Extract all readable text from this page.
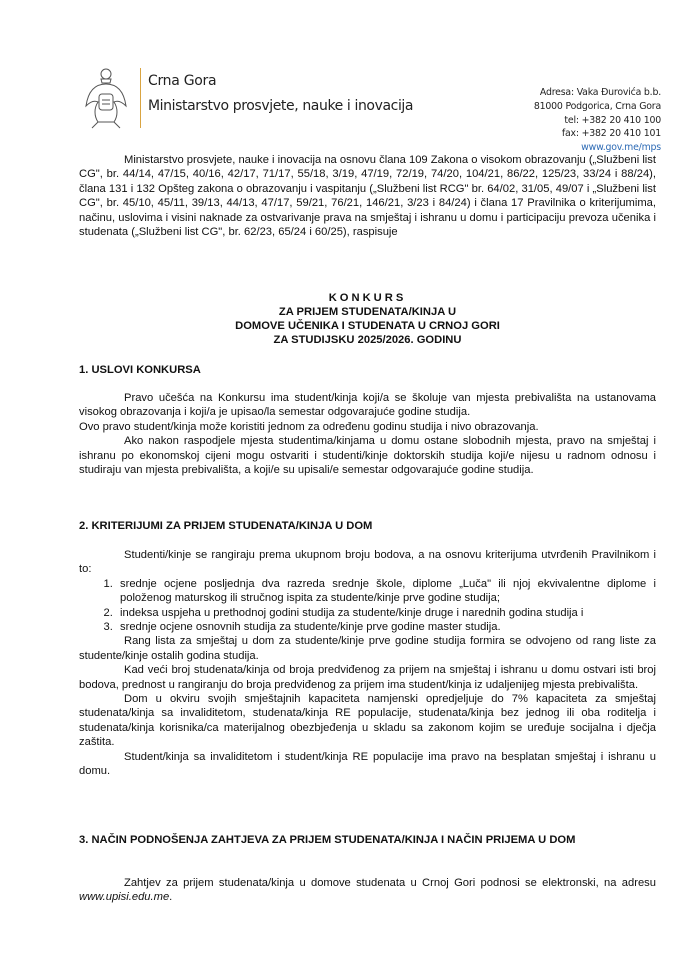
Crna Gora
Ministarstvo prosvjete, nauke i inovacija
Adresa: Vaka Đurovića b.b.
81000 Podgorica, Crna Gora
tel: +382 20 410 100
fax: +382 20 410 101
www.gov.me/mps
Ministarstvo prosvjete, nauke i inovacija na osnovu člana 109 Zakona o visokom obrazovanju („Službeni list CG", br. 44/14, 47/15, 40/16, 42/17, 71/17, 55/18, 3/19, 47/19, 72/19, 74/20, 104/21, 86/22, 125/23, 33/24 i 88/24), člana 131 i 132 Opšteg zakona o obrazovanju i vaspitanju („Službeni list RCG" br. 64/02, 31/05, 49/07 i „Službeni list CG", br. 45/10, 45/11, 39/13, 44/13, 47/17, 59/21, 76/21, 146/21, 3/23 i 84/24) i člana 17 Pravilnika o kriterijumima, načinu, uslovima i visini naknade za ostvarivanje prava na smještaj i ishranu u domu i participaciju prevoza učenika i studenata („Službeni list CG", br. 62/23, 65/24 i 60/25), raspisuje
KONKURS
ZA PRIJEM STUDENATA/KINJA U
DOMOVE UČENIKA I STUDENATA U CRNOJ GORI
ZA STUDIJSKU 2025/2026. GODINU
1. USLOVI KONKURSA

Pravo učešća na Konkursu ima student/kinja koji/a se školuje van mjesta prebivališta na ustanovama visokog obrazovanja i koji/a je upisao/la semestar odgovarajuće godine studija.

Ovo pravo student/kinja može koristiti jednom za određenu godinu studija i nivo obrazovanja.

Ako nakon raspodjele mjesta studentima/kinjama u domu ostane slobodnih mjesta, pravo na smještaj i ishranu po ekonomskoj cijeni mogu ostvariti i studenti/kinje doktorskih studija koji/e nijesu u radnom odnosu i studiraju van mjesta prebivališta, a koji/e su upisali/e semestar odgovarajuće godine studija.

2. KRITERIJUMI ZA PRIJEM STUDENATA/KINJA U DOM

Studenti/kinje se rangiraju prema ukupnom broju bodova, a na osnovu kriterijuma utvrđenih Pravilnikom i to:

1. srednje ocjene posljednja dva razreda srednje škole, diplome „Luča" ili njoj ekvivalentne diplome i položenog maturskog ili stručnog ispita za studente/kinje prve godine studija;
2. indeksa uspjeha u prethodnoj godini studija za studente/kinje druge i narednih godina studija i
3. srednje ocjene osnovnih studija za studente/kinje prve godine master studija.

Rang lista za smještaj u dom za studente/kinje prve godine studija formira se odvojeno od rang liste za studente/kinje ostalih godina studija.

Kad veći broj studenata/kinja od broja predviđenog za prijem na smještaj i ishranu u domu ostvari isti broj bodova, prednost u rangiranju do broja predviđenog za prijem ima student/kinja iz udaljenijeg mjesta prebivališta.

Dom u okviru svojih smještajnih kapaciteta namjenski opredjeljuje do 7% kapaciteta za smještaj studenata/kinja sa invaliditetom, studenata/kinja RE populacije, studenata/kinja bez jednog ili oba roditelja i studenata/kinja korisnika/ca materijalnog obezbjeđenja u skladu sa zakonom kojim se uređuje socijalna i dječja zaštita.

Student/kinja sa invaliditetom i student/kinja RE populacije ima pravo na besplatan smještaj i ishranu u domu.

3. NAČIN PODNOŠENJA ZAHTJEVA ZA PRIJEM STUDENATA/KINJA I NAČIN PRIJEMA U DOM
Zahtjev za prijem studenata/kinja u domove studenata u Crnoj Gori podnosi se elektronski, na adresu www.upisi.edu.me.
